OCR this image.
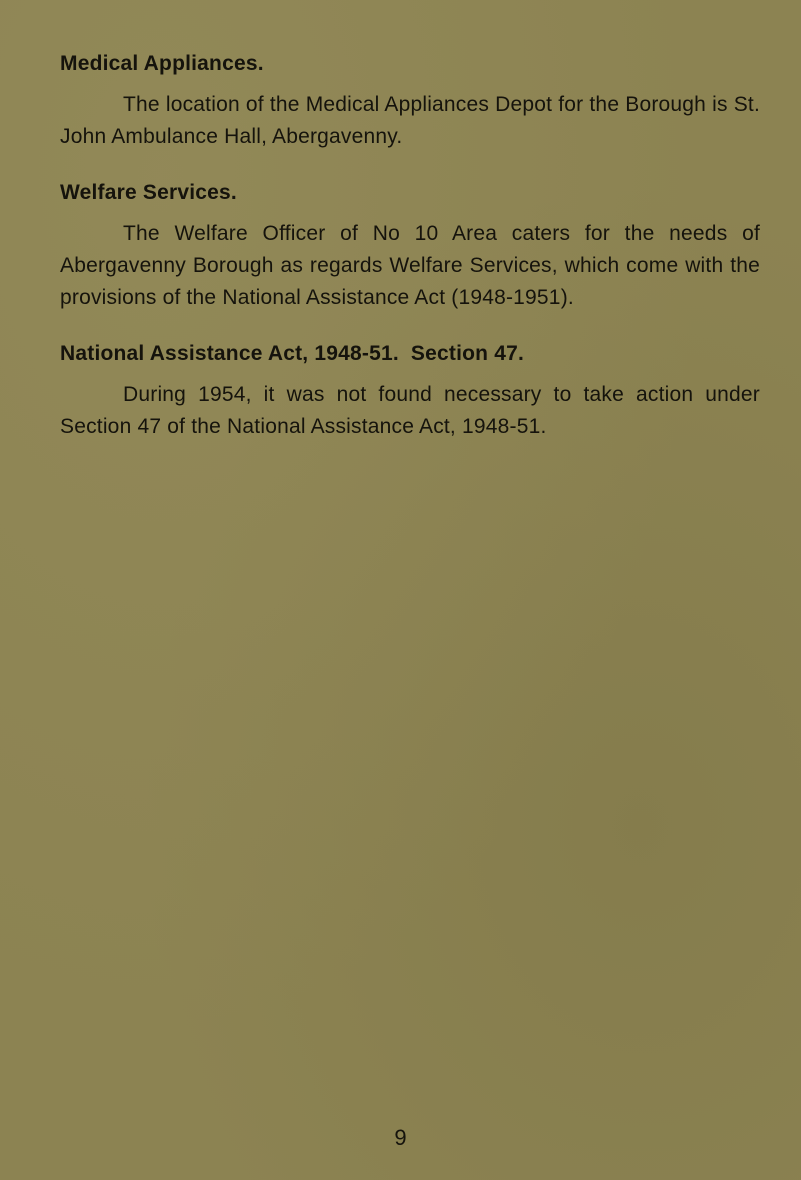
Medical Appliances.

The location of the Medical Appliances Depot for the Borough is St. John Ambulance Hall, Abergavenny.

Welfare Services.

The Welfare Officer of No 10 Area caters for the needs of Abergavenny Borough as regards Welfare Services, which come with the provisions of the National Assistance Act (1948-1951).

National Assistance Act, 1948-51.  Section 47.

During 1954, it was not found necessary to take action under Section 47 of the National Assistance Act, 1948-51.

9
